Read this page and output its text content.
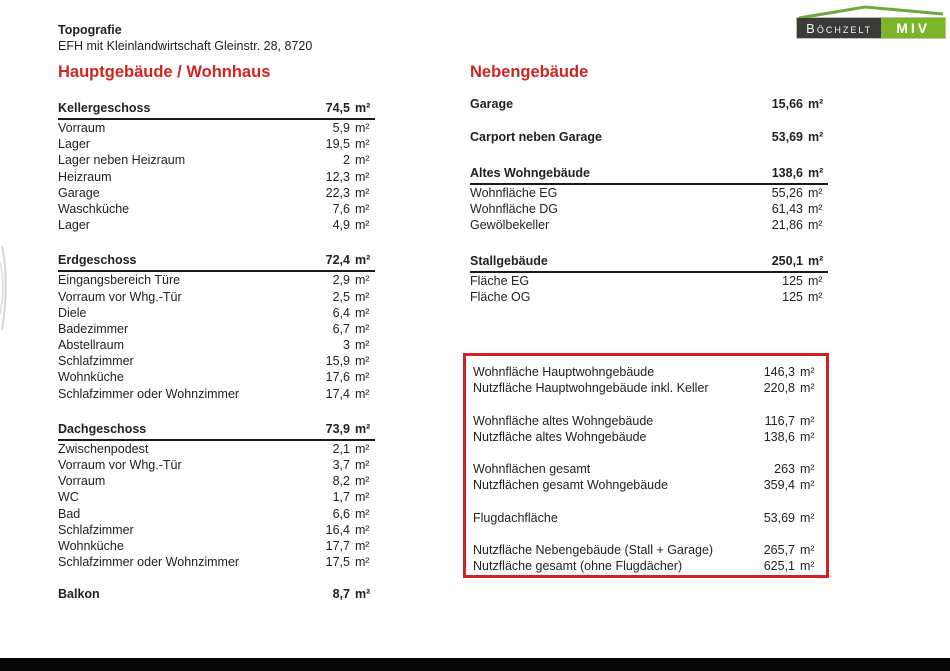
Topografie
EFH mit Kleinlandwirtschaft Gleinstr. 28, 8720
Böchzelt	MIV
Hauptgebäude / Wohnhaus
Kellergeschoss	74,5 m²
Vorraum	5,9 m²
Lager	19,5 m²
Lager neben Heizraum	2 m²
Heizraum	12,3 m²
Garage	22,3 m²
Waschküche	7,6 m²
Lager	4,9 m²
Erdgeschoss	72,4 m²
Eingangsbereich Türe	2,9 m²
Vorraum vor Whg.-Tür	2,5 m²
Diele	6,4 m²
Badezimmer	6,7 m²
Abstellraum	3 m²
Schlafzimmer	15,9 m²
Wohnküche	17,6 m²
Schlafzimmer oder Wohnzimmer	17,4 m²
Dachgeschoss	73,9 m²
Zwischenpodest	2,1 m²
Vorraum vor Whg.-Tür	3,7 m²
Vorraum	8,2 m²
WC	1,7 m²
Bad	6,6 m²
Schlafzimmer	16,4 m²
Wohnküche	17,7 m²
Schlafzimmer oder Wohnzimmer	17,5 m²
Balkon	8,7 m²
Nebengebäude
Garage	15,66 m²
Carport neben Garage	53,69 m²
Altes Wohngebäude	138,6 m²
Wohnfläche EG	55,26 m²
Wohnfläche DG	61,43 m²
Gewölbekeller	21,86 m²
Stallgebäude	250,1 m²
Fläche EG	125 m²
Fläche OG	125 m²
Wohnfläche Hauptwohngebäude	146,3 m²
Nutzfläche Hauptwohngebäude inkl. Keller	220,8 m²
Wohnfläche altes Wohngebäude	116,7 m²
Nutzfläche altes Wohngebäude	138,6 m²
Wohnflächen gesamt	263 m²
Nutzflächen gesamt Wohngebäude	359,4 m²
Flugdachfläche	53,69 m²
Nutzfläche Nebengebäude (Stall + Garage)	265,7 m²
Nutzfläche gesamt (ohne Flugdächer)	625,1 m²
